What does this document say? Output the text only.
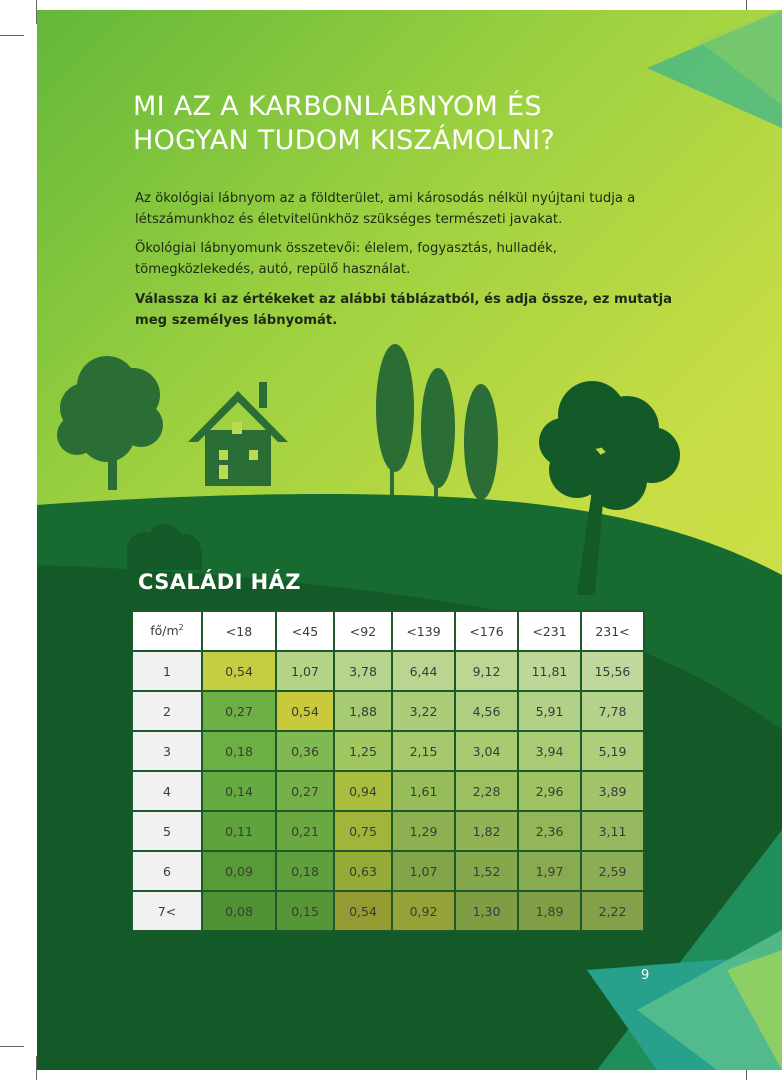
MI AZ A KARBONLÁBNYOM ÉS
HOGYAN TUDOM KISZÁMOLNI?

Az ökológiai lábnyom az a földterület, ami károsodás nélkül nyújtani tudja a létszámunkhoz és életvitelünkhöz szükséges természeti javakat.

Ökológiai lábnyomunk összetevői: élelem, fogyasztás, hulladék, tömegközlekedés, autó, repülő használat.

Válassza ki az értékeket az alábbi táblázatból, és adja össze, ez mutatja meg személyes lábnyomát.

CSALÁDI HÁZ
$fő/m^2$	<18	<45	<92	<139	<176	<231	231<
1	0,54	1,07	3,78	6,44	9,12	11,81	15,56
2	0,27	0,54	1,88	3,22	4,56	5,91	7,78
3	0,18	0,36	1,25	2,15	3,04	3,94	5,19
4	0,14	0,27	0,94	1,61	2,28	2,96	3,89
5	0,11	0,21	0,75	1,29	1,82	2,36	3,11
6	0,09	0,18	0,63	1,07	1,52	1,97	2,59
7<	0,08	0,15	0,54	0,92	1,30	1,89	2,22
9
